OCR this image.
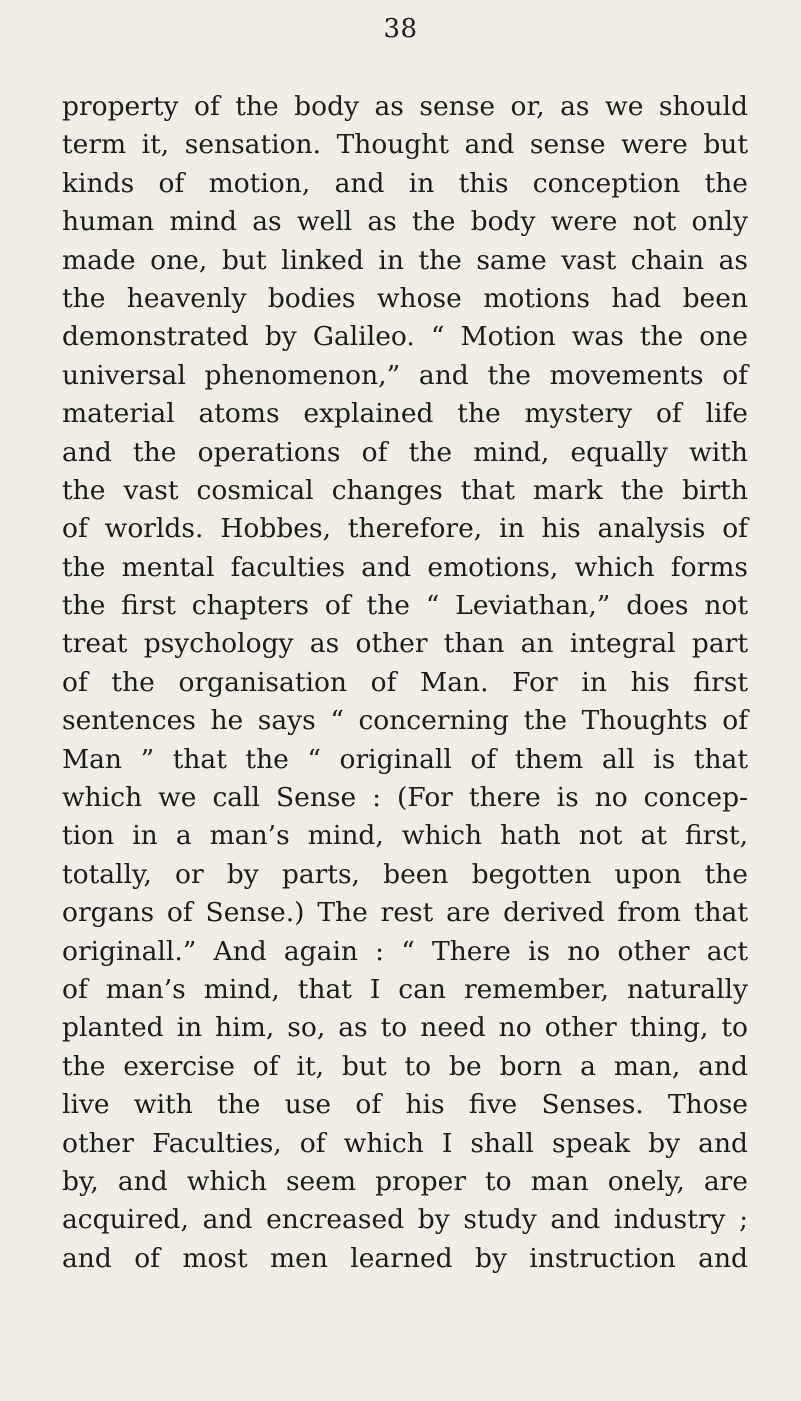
38
property of the body as sense or, as we should
term it, sensation. Thought and sense were but
kinds of motion, and in this conception the
human mind as well as the body were not only
made one, but linked in the same vast chain as
the heavenly bodies whose motions had been
demonstrated by Galileo. “ Motion was the one
universal phenomenon,” and the movements of
material atoms explained the mystery of life
and the operations of the mind, equally with
the vast cosmical changes that mark the birth
of worlds. Hobbes, therefore, in his analysis of
the mental faculties and emotions, which forms
the first chapters of the “ Leviathan,” does not
treat psychology as other than an integral part
of the organisation of Man. For in his first
sentences he says “ concerning the Thoughts of
Man ” that the “ originall of them all is that
which we call Sense : (For there is no concep-
tion in a man’s mind, which hath not at first,
totally, or by parts, been begotten upon the
organs of Sense.) The rest are derived from that
originall.” And again : “ There is no other act
of man’s mind, that I can remember, naturally
planted in him, so, as to need no other thing, to
the exercise of it, but to be born a man, and
live with the use of his five Senses. Those
other Faculties, of which I shall speak by and
by, and which seem proper to man onely, are
acquired, and encreased by study and industry ;
and of most men learned by instruction and
